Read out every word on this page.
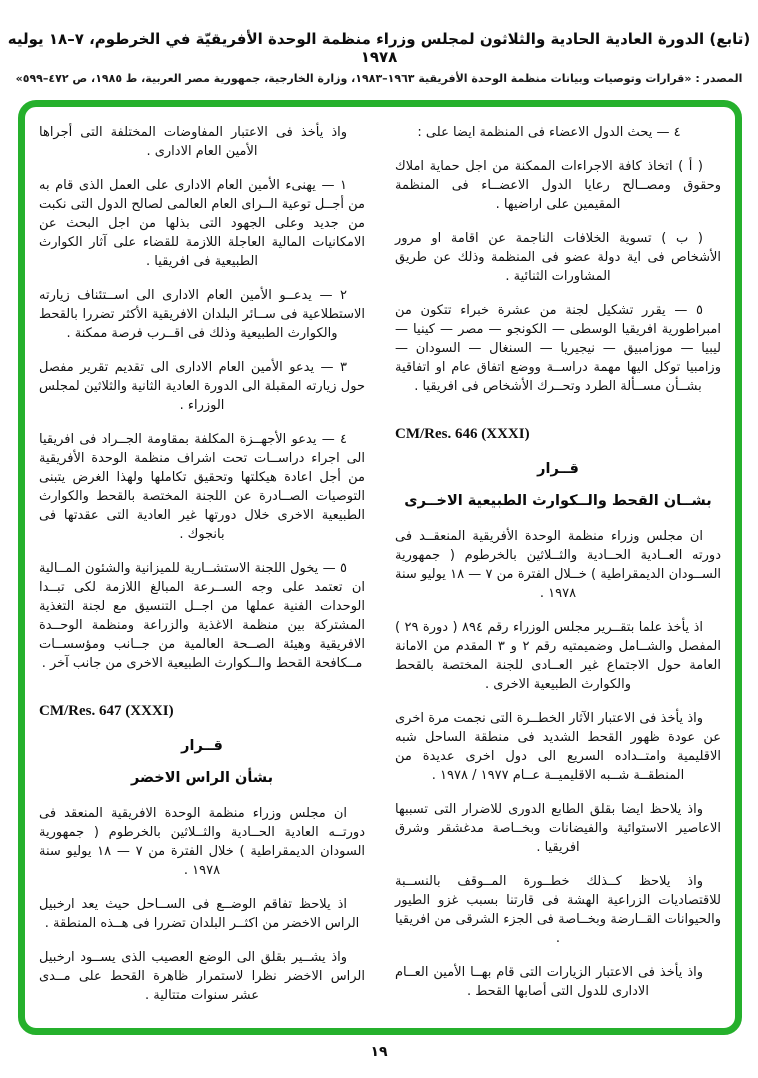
(تابع) الدورة العادية الحادية والثلاثون لمجلس وزراء منظمة الوحدة الأفريقيّة في الخرطوم، ٧–١٨ يوليه ١٩٧٨

المصدر : «قرارات وتوصيات وبيانات منظمة الوحدة الأفريقية ١٩٦٣–١٩٨٣، وزارة الخارجية، جمهورية مصر العربية، ط ١٩٨٥، ص ٤٧٢–٥٩٩»

٤ — يحث الدول الاعضاء فى المنظمة ايضا على :

( أ ) اتخاذ كافة الاجراءات الممكنة من اجل حماية املاك وحقوق ومصــالح رعايا الدول الاعضــاء فى المنظمة المقيمين على اراضيها .

( ب ) تسوية الخلافات الناجمة عن اقامة او مرور الأشخاص فى اية دولة عضو فى المنظمة وذلك عن طريق المشاورات الثنائية .

٥ — يقرر تشكيل لجنة من عشرة خبراء تتكون من امبراطورية افريقيا الوسطى — الكونجو — مصر — كينيا — ليبيا — موزامبيق — نيجيريا — السنغال — السودان — وزامبيا توكل اليها مهمة دراســة ووضع اتفاق عام او اتفاقية بشــأن مســألة الطرد وتحــرك الأشخاص فى افريقيا .

CM/Res. 646 (XXXI)

قــرار
بشــان القحط والــكوارث الطبيعية الاخــرى

ان مجلس وزراء منظمة الوحدة الأفريقية المنعقــد فى دورته العــادية الحــادية والثــلاثين بالخرطوم ( جمهورية الســودان الديمقراطية ) خــلال الفترة من ٧ — ١٨ يوليو سنة ١٩٧٨ .

اذ يأخذ علما بتقــرير مجلس الوزراء رقم ٨٩٤ ( دورة ٢٩ ) المفصل والشــامل وضميمتيه رقم ٢ و ٣ المقدم من الامانة العامة حول الاجتماع غير العــادى للجنة المختصة بالقحط والكوارث الطبيعية الاخرى .

واذ يأخذ فى الاعتبار الآثار الخطــرة التى نجمت مرة اخرى عن عودة ظهور القحط الشديد فى منطقة الساحل شبه الاقليمية وامتــداده السريع الى دول اخرى عديدة من المنطقــة شــبه الاقليميــة عــام ١٩٧٧ / ١٩٧٨ .

واذ يلاحظ ايضا بقلق الطابع الدورى للاضرار التى تسببها الاعاصير الاستوائية والفيضانات وبخــاصة مدغشقر وشرق افريقيا .

واذ يلاحظ كــذلك خطــورة المــوقف بالنســبة للاقتصاديات الزراعية الهشة فى قارتنا بسبب غزو الطيور والحيوانات القــارضة وبخــاصة فى الجزء الشرقى من افريقيا .

واذ يأخذ فى الاعتبار الزيارات التى قام بهــا الأمين العــام الادارى للدول التى أصابها القحط .

واذ يأخذ فى الاعتبار المفاوضات المختلفة التى أجراها الأمين العام الادارى .

١ — يهنىء الأمين العام الادارى على العمل الذى قام به من أجــل توعية الــراى العام العالمى لصالح الدول التى نكبت من جديد وعلى الجهود التى بذلها من اجل البحث عن الامكانيات المالية العاجلة اللازمة للقضاء على آثار الكوارث الطبيعية فى افريقيا .

٢ — يدعــو الأمين العام الادارى الى اســتئناف زيارته الاستطلاعية فى ســائر البلدان الافريقية الأكثر تضررا بالقحط والكوارث الطبيعية وذلك فى اقــرب فرصة ممكنة .

٣ — يدعو الأمين العام الادارى الى تقديم تقرير مفصل حول زيارته المقبلة الى الدورة العادية الثانية والثلاثين لمجلس الوزراء .

٤ — يدعو الأجهــزة المكلفة بمقاومة الجــراد فى افريقيا الى اجراء دراســات تحت اشراف منظمة الوحدة الأفريقية من أجل اعادة هيكلتها وتحقيق تكاملها ولهذا الغرض يتبنى التوصيات الصــادرة عن اللجنة المختصة بالقحط والكوارث الطبيعية الاخرى خلال دورتها غير العادية التى عقدتها فى بانجوك .

٥ — يخول اللجنة الاستشــارية للميزانية والشئون المــالية ان تعتمد على وجه الســرعة المبالغ اللازمة لكى تبــدا الوحدات الفنية عملها من اجــل التنسيق مع لجنة التغذية المشتركة بين منظمة الاغذية والزراعة ومنظمة الوحــدة الافريقية وهيئة الصــحة العالمية من جــانب ومؤسســات مــكافحة القحط والــكوارث الطبيعية الاخرى من جانب آخر .

CM/Res. 647 (XXXI)

قــرار
بشأن الراس الاخضر

ان مجلس وزراء منظمة الوحدة الافريقية المنعقد فى دورتــه العادية الحــادية والثــلاثين بالخرطوم ( جمهورية السودان الديمقراطية ) خلال الفترة من ٧ — ١٨ يوليو سنة ١٩٧٨ .

اذ يلاحظ تفاقم الوضــع فى الســاحل حيث يعد ارخبيل الراس الاخضر من اكثــر البلدان تضررا فى هــذه المنطقة .

واذ يشــير بقلق الى الوضع العصيب الذى يســود ارخبيل الراس الاخضر نظرا لاستمرار ظاهرة القحط على مــدى عشر سنوات متتالية .

١٩
